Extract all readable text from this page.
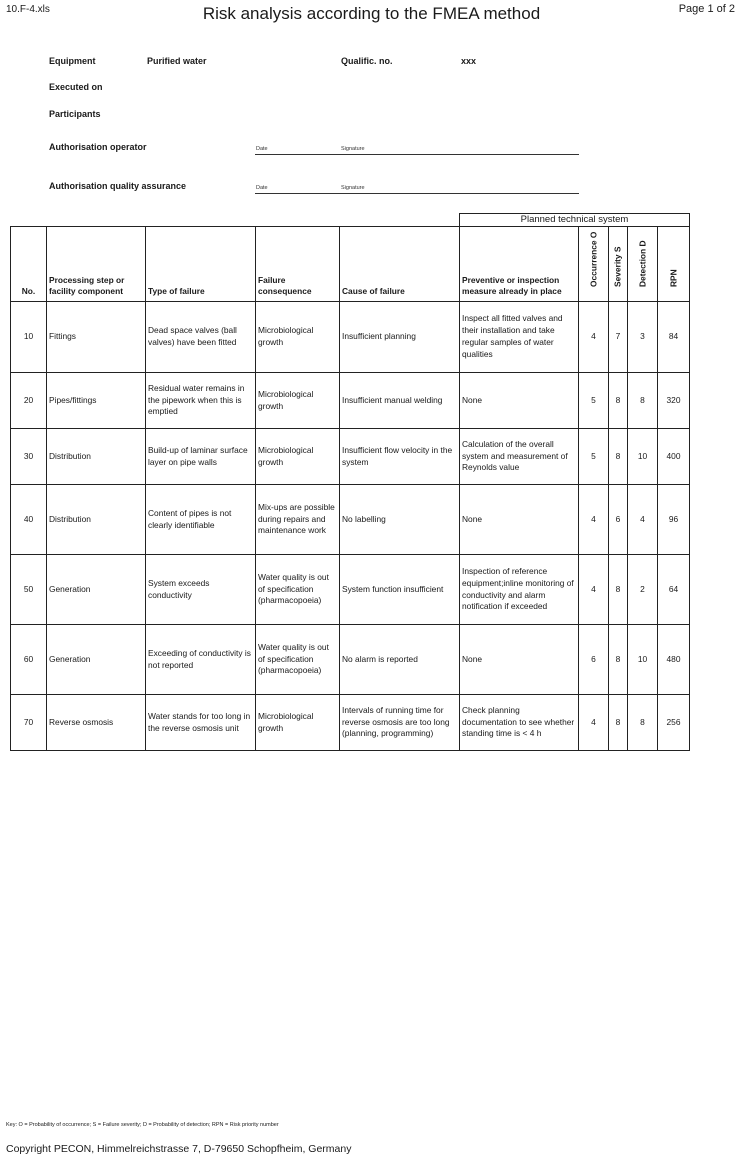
10.F-4.xls	Risk analysis according to the FMEA method	Page 1 of 2
Equipment	Purified water	Qualific. no.	xxx
Executed on
Participants
Authorisation operator	Date	Signature
Authorisation quality assurance	Date	Signature
Planned technical system
No.	Processing step or facility component	Type of failure	Failure consequence	Cause of failure	Preventive or inspection measure already in place	Occurrence O	Severity S	Detection D	RPN

10	Fittings	Dead space valves (ball valves) have been fitted	Microbiological growth	Insufficient planning	Inspect all fitted valves and their installation and take regular samples of water qualities	4	7	3	84
20	Pipes/fittings	Residual water remains in the pipework when this is emptied	Microbiological growth	Insufficient manual welding	None	5	8	8	320
30	Distribution	Build-up of laminar surface layer on pipe walls	Microbiological growth	Insufficient flow velocity in the system	Calculation of the overall system and measurement of Reynolds value	5	8	10	400
40	Distribution	Content of pipes is not clearly identifiable	Mix-ups are possible during repairs and maintenance work	No labelling	None	4	6	4	96
50	Generation	System exceeds conductivity	Water quality is out of specification (pharmacopoeia)	System function insufficient	Inspection of reference equipment;inline monitoring of conductivity and alarm notification if exceeded	4	8	2	64
60	Generation	Exceeding of conductivity is not reported	Water quality is out of specification (pharmacopoeia)	No alarm is reported	None	6	8	10	480
70	Reverse osmosis	Water stands for too long in the reverse osmosis unit	Microbiological growth	Intervals of running time for reverse osmosis are too long (planning, programming)	Check planning documentation to see whether standing time is < 4 h	4	8	8	256
Key: O = Probability of occurrence; S = Failure severity; D = Probability of detection; RPN = Risk priority number
Copyright PECON, Himmelreichstrasse 7, D-79650 Schopfheim, Germany
